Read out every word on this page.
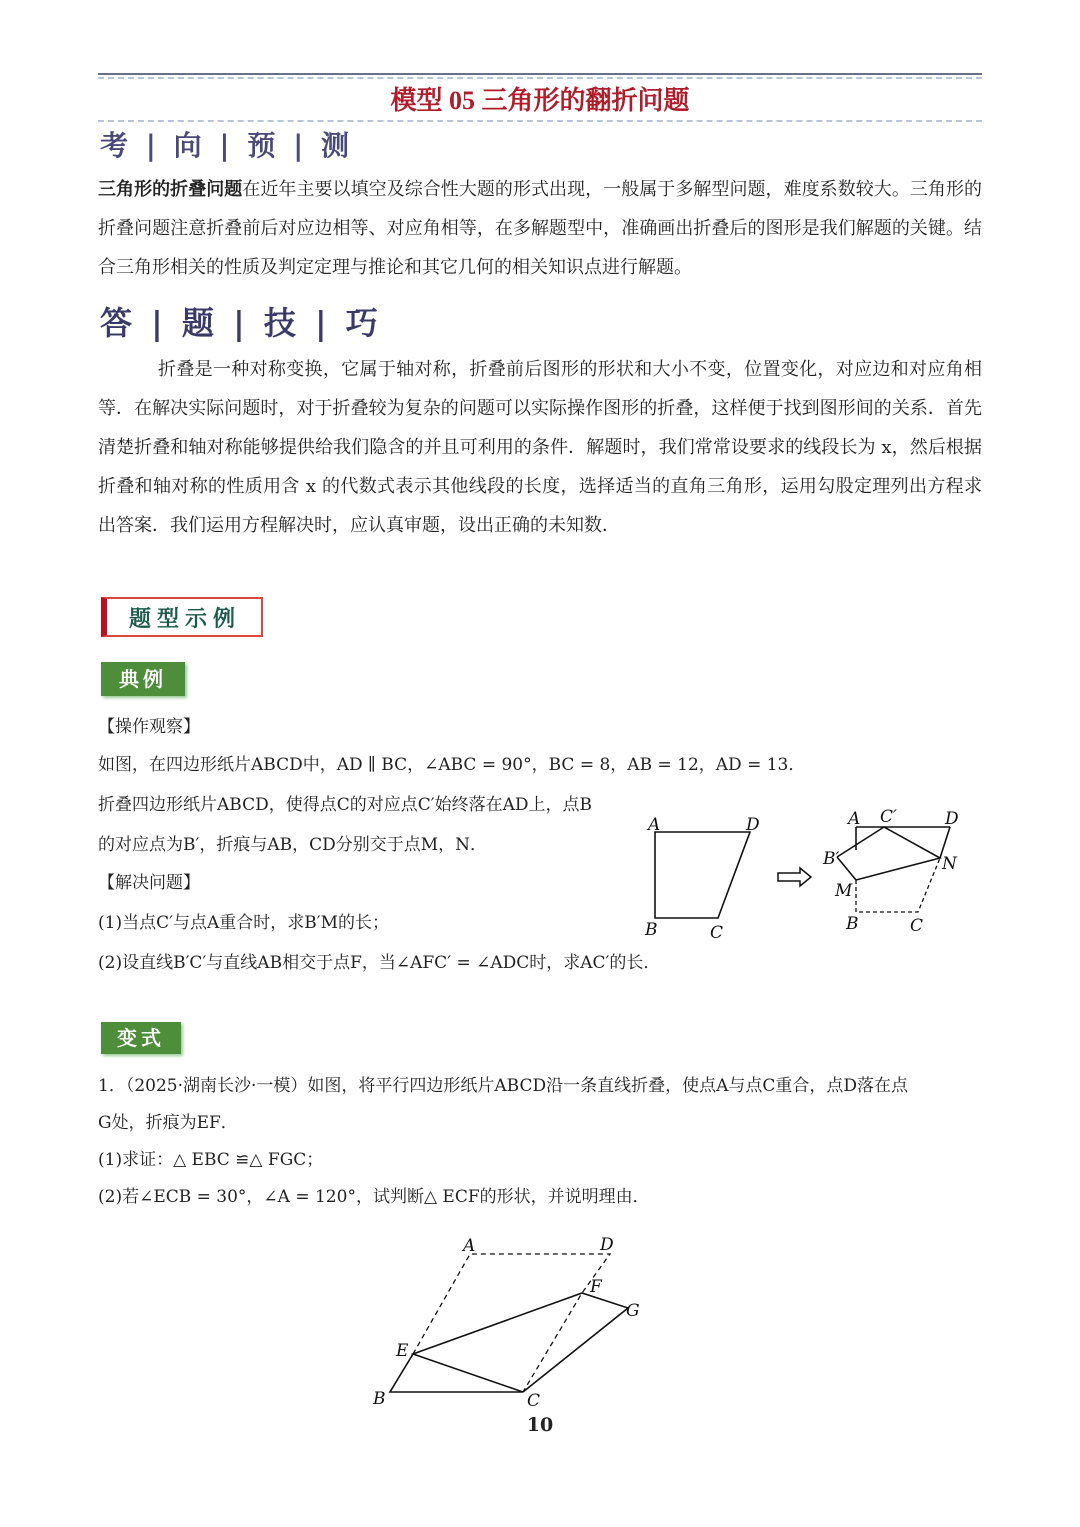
模型 05 三角形的翻折问题
考 | 向 | 预 | 测
三角形的折叠问题在近年主要以填空及综合性大题的形式出现，一般属于多解型问题，难度系数较大。三角形的折叠问题注意折叠前后对应边相等、对应角相等，在多解题型中，准确画出折叠后的图形是我们解题的关键。结合三角形相关的性质及判定定理与推论和其它几何的相关知识点进行解题。
答 | 题 | 技 | 巧
折叠是一种对称变换，它属于轴对称，折叠前后图形的形状和大小不变，位置变化，对应边和对应角相等．在解决实际问题时，对于折叠较为复杂的问题可以实际操作图形的折叠，这样便于找到图形间的关系．首先清楚折叠和轴对称能够提供给我们隐含的并且可利用的条件．解题时，我们常常设要求的线段长为 x，然后根据折叠和轴对称的性质用含 x 的代数式表示其他线段的长度，选择适当的直角三角形，运用勾股定理列出方程求出答案．我们运用方程解决时，应认真审题，设出正确的未知数．
题型示例
典例
【操作观察】
如图，在四边形纸片ABCD中，AD ∥ BC，∠ABC = 90°，BC = 8，AB = 12，AD = 13．
折叠四边形纸片ABCD，使得点C的对应点C′始终落在AD上，点B
的对应点为B′，折痕与AB，CD分别交于点M，N．
【解决问题】
(1)当点C′与点A重合时，求B′M的长；
(2)设直线B′C′与直线AB相交于点F，当∠AFC′ = ∠ADC时，求AC′的长．
A	D
B	C
A C′	D
B′	N
M
B	C
A	D
F
G
E
B	C
变式
1．（2025·湖南长沙·一模）如图，将平行四边形纸片ABCD沿一条直线折叠，使点A与点C重合，点D落在点
G处，折痕为EF．
(1)求证：△ EBC ≌△ FGC；
(2)若∠ECB = 30°，∠A = 120°，试判断△ ECF的形状，并说明理由．
10
